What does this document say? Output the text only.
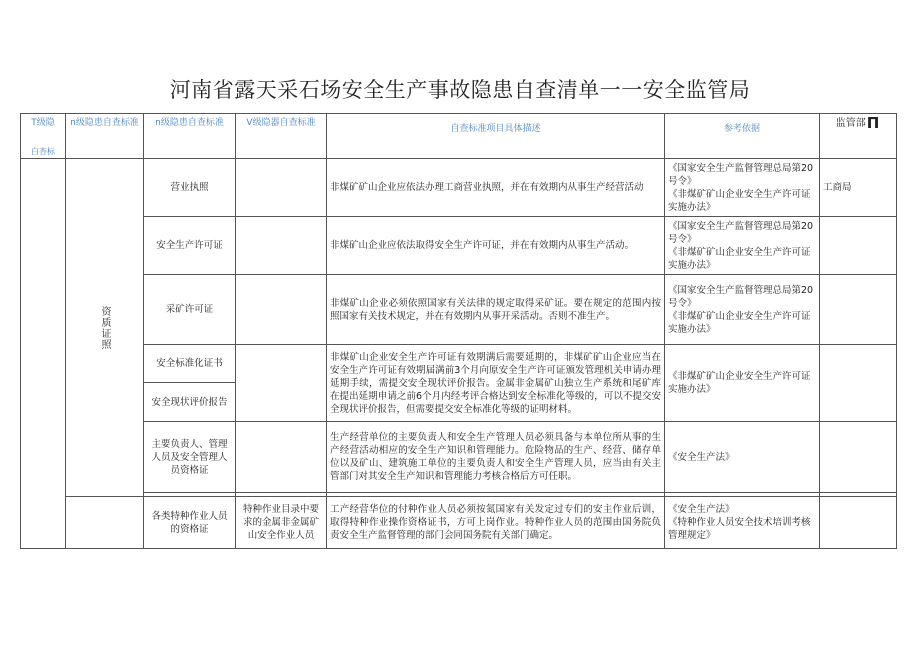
河南省露天采石场安全生产事故隐患自查清单一一安全监管局
T级隐
白杏标	n级隐患自查标准	n级隐患自查标准	V级隐器自查标准	自查标准项目具体描述	参考依据	监管部П

	资质证照	营业执照		非煤矿矿山企业应依法办理工商营业执照，并在有效期内从事生产经营活动	《国家安全生产监督管理总局第20号令》
《非煤矿矿山企业安全生产许可证实施办法》	工商局
		安全生产许可证		非煤矿山企业应依法取得安全生产许可证，并在有效期内从事生产活动。	《国家安全生产监督管理总局第20号令》
《非煤矿矿山企业安全生产许可证实施办法》	

		采矿许可证		非煤矿山企业必须依照国家有关法律的规定取得采矿证。要在规定的范围内按照国家有关技术规定，并在有效期内从事开采活动。否则不准生产。	《国家安全生产监督管理总局第20号令》
《非煤矿矿山企业安全生产许可证实施办法》	

		安全标准化证书		非煤矿山企业安全生产许可证有效期满后需要延期的，非煤矿矿山企业应当在安全生产许可证有效期届满前3个月向原安全生产许可证颁发管理机关申请办理延期手续，需提交安全现状评价报告。金属非金属矿山独立生产系统和尾矿库在提出延期申请之前6个月内经考评合格达到安全标准化等级的，可以不提交安全现状评价报告，但需要提交安全标准化等级的证明材料。	《非煤矿矿山企业安全生产许可证实施办法》	

		安全现状评价报告				
		主要负责人、管理人员及安全管理人员资格证		生产经营单位的主要负责人和安全生产管理人员必须具备与本单位所从事的生产经营活动相应的安全生产知识和管理能力。危险物品的生产、经营、储存单位以及矿山、建筑施工单位的主要负责人和安全生产管理人员，应当由有关主管部门对其安全生产知识和管理能力考核合格后方可任职。	《安全生产法》	

		各类特种作业人员的资格证	特种作业目录中要求的金属非金属矿山安全作业人员	工产经营华位的付种作业人员必须按氮国家有关发定过专们的安主作业后训，取得特种作业操作资格证书，方可上岗作业。特种作业人员的范围由国务院负责安全生产监督管理的部门会同国务院有关部门确定。	《安全生产法》
《特种作业人员安全技术培训考核管理规定》	
